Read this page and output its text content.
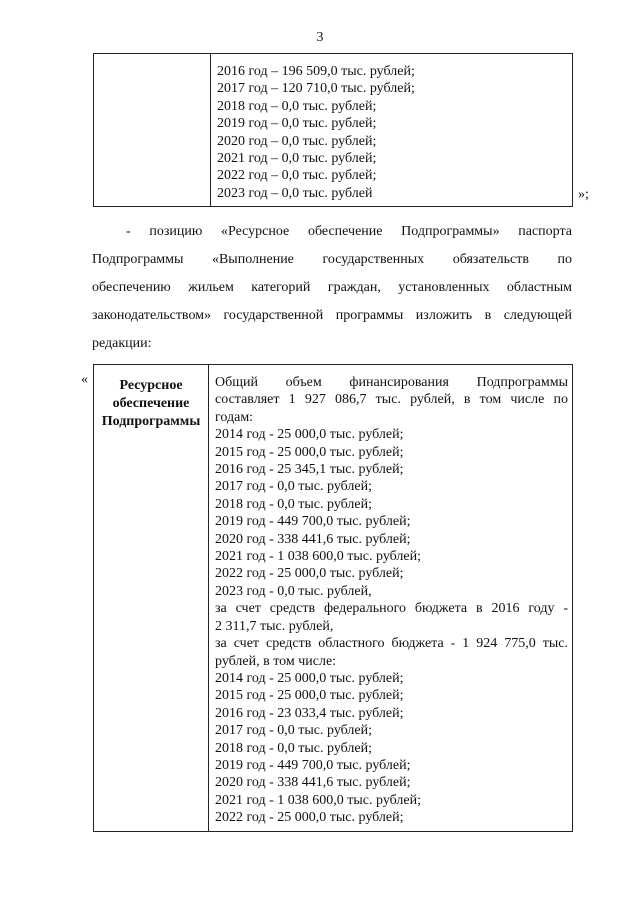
3

2016 год – 196 509,0 тыс. рублей;
2017 год – 120 710,0 тыс. рублей;
2018 год – 0,0 тыс. рублей;
2019 год – 0,0 тыс. рублей;
2020 год – 0,0 тыс. рублей;
2021 год – 0,0 тыс. рублей;
2022 год – 0,0 тыс. рублей;
2023 год – 0,0 тыс. рублей	»;
- позицию «Ресурсное обеспечение Подпрограммы» паспорта
Подпрограммы «Выполнение государственных обязательств по
обеспечению жильем категорий граждан, установленных областным
законодательством» государственной программы изложить в следующей
редакции:
«	Ресурсное
обеспечение
Подпрограммы

Общий объем финансирования Подпрограммы
составляет 1 927 086,7 тыс. рублей, в том числе по
годам:
2014 год - 25 000,0 тыс. рублей;
2015 год - 25 000,0 тыс. рублей;
2016 год - 25 345,1 тыс. рублей;
2017 год - 0,0 тыс. рублей;
2018 год - 0,0 тыс. рублей;
2019 год - 449 700,0 тыс. рублей;
2020 год - 338 441,6 тыс. рублей;
2021 год - 1 038 600,0 тыс. рублей;
2022 год - 25 000,0 тыс. рублей;
2023 год - 0,0 тыс. рублей,
за счет средств федерального бюджета в 2016 году -
2 311,7 тыс. рублей,
за счет средств областного бюджета - 1 924 775,0 тыс.
рублей, в том числе:
2014 год - 25 000,0 тыс. рублей;
2015 год - 25 000,0 тыс. рублей;
2016 год - 23 033,4 тыс. рублей;
2017 год - 0,0 тыс. рублей;
2018 год - 0,0 тыс. рублей;
2019 год - 449 700,0 тыс. рублей;
2020 год - 338 441,6 тыс. рублей;
2021 год - 1 038 600,0 тыс. рублей;
2022 год - 25 000,0 тыс. рублей;
